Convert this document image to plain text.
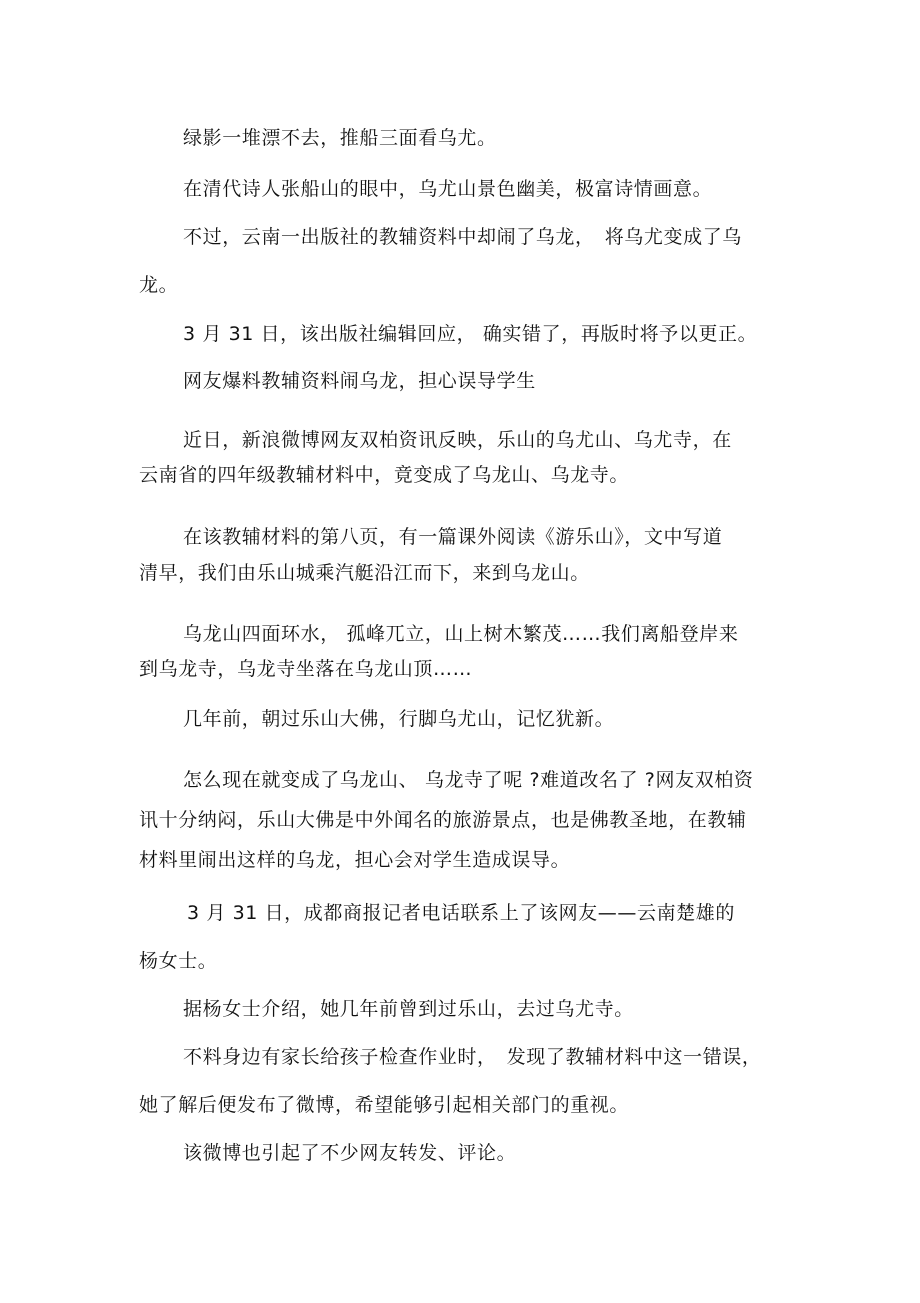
绿影一堆漂不去，推船三面看乌尤。
在清代诗人张船山的眼中，乌尤山景色幽美，极富诗情画意。
不过，云南一出版社的教辅资料中却闹了乌龙，　将乌尤变成了乌
龙。
3 月 31 日，该出版社编辑回应， 确实错了，再版时将予以更正。
网友爆料教辅资料闹乌龙，担心误导学生
近日，新浪微博网友双柏资讯反映，乐山的乌尤山、乌尤寺，在
云南省的四年级教辅材料中，竟变成了乌龙山、乌龙寺。
在该教辅材料的第八页，有一篇课外阅读《游乐山》，文中写道
清早，我们由乐山城乘汽艇沿江而下，来到乌龙山。
乌龙山四面环水， 孤峰兀立，山上树木繁茂……我们离船登岸来
到乌龙寺，乌龙寺坐落在乌龙山顶……
几年前，朝过乐山大佛，行脚乌尤山，记忆犹新。
怎么现在就变成了乌龙山、 乌龙寺了呢 ?难道改名了 ?网友双柏资
讯十分纳闷，乐山大佛是中外闻名的旅游景点，也是佛教圣地，在教辅
材料里闹出这样的乌龙，担心会对学生造成误导。
3 月 31 日，成都商报记者电话联系上了该网友——云南楚雄的
杨女士。
据杨女士介绍，她几年前曾到过乐山，去过乌尤寺。
不料身边有家长给孩子检查作业时，　发现了教辅材料中这一错误，
她了解后便发布了微博，希望能够引起相关部门的重视。
该微博也引起了不少网友转发、评论。
